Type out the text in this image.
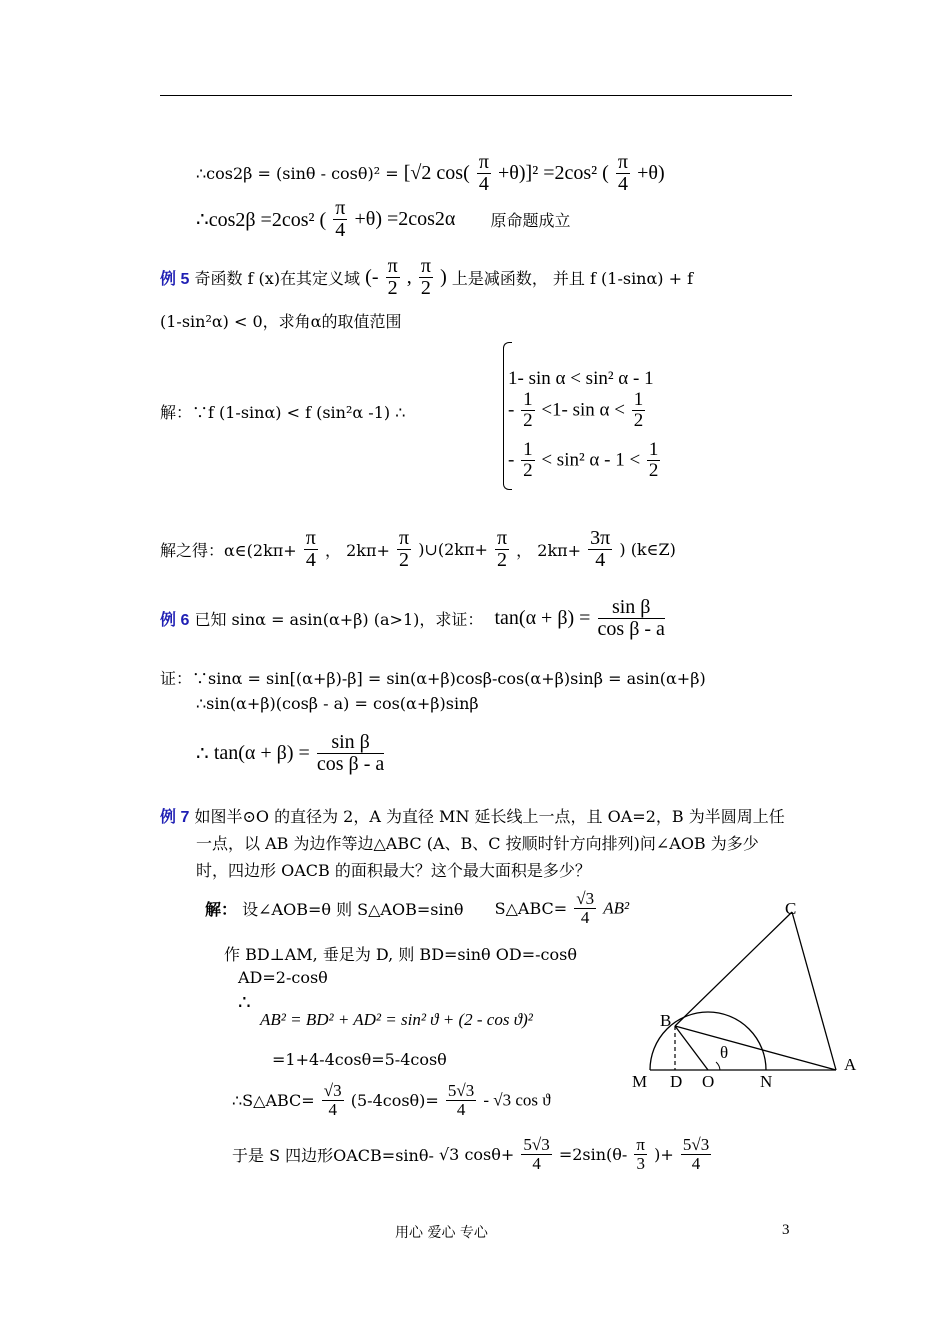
∴cos2β = (sinθ - cosθ)² = [√2 $\cos( \frac{\pi}{4} +\theta)]^2 =2\cos^2$ ( $\frac{\pi}{4} +\theta$)
∴cos2β =2cos² ( $\frac{\pi}{4} +\theta) =2\cos 2\alpha$ 原命题成立
例 5 奇函数 f (x)在其定义域 (- $\frac{\pi}{2}$ , $\frac{\pi}{2}$ ) 上是减函数， 并且 f (1-sinα) + f
(1-sin²α) < 0，求角α的取值范围
解：∵f (1-sinα) < f (sin²α -1) ∴
1- sin α < sin² α - 1
- $\frac{1}{2} <1-$ $\sin \alpha < \frac{1}{2}$
- $\frac{1}{2} < \sin^2$ $\alpha - 1 < \frac{1}{2}$
解之得：α∈(2kπ+ $\frac{\pi}{4}$ ， $2k\pi+ \frac{\pi}{2}$ )∪(2kπ+ $\frac{\pi}{2}$ ， $2k\pi+ \frac{3\pi}{4}$ ) (k∈Z)
例 6 已知 sinα = asin(α+β) (a>1)，求证： $\tan(\alpha + \beta) = \frac{\text{sin β}}{\text{cos β - a}}$
证：∵sinα = sin[(α+β)-β] = sin(α+β)cosβ-cos(α+β)sinβ = asin(α+β)
∴sin(α+β)(cosβ - a) = cos(α+β)sinβ
∴ $\tan(\alpha + \beta) = \frac{\text{sin β}}{\text{cos β - a}}$
例 7 如图半⊙O 的直径为 2，A 为直径 MN 延长线上一点，且 OA=2，B 为半圆周上任
一点，以 AB 为边作等边△ABC (A、B、C 按顺时针方向排列)问∠AOB 为多少
时，四边形 OACB 的面积最大？这个最大面积是多少？
解： 设∠AOB=θ 则 S△AOB=sinθ S△ABC= $\frac{√3}{4} AB^2$
作 BD⊥AM, 垂足为 D, 则 BD=sinθ OD=-cosθ
AD=2-cosθ
∴
AB² = BD² + AD² = sin² ϑ + (2 - cos ϑ)²
=1+4-4cosθ=5-4cosθ
∴S△ABC= $\frac{√3}{4} (5-4\cos\theta)= \frac{5√3}{4} - √3$ cos ϑ
于是 S 四边形OACB=sinθ- √3 $\cos\theta+ \frac{5√3}{4} =2\sin(\theta- \frac{\pi}{3}$ )+ $\frac{5√3}{4}$
C
B
A
M D O	N
θ
用心 爱心 专心	3
